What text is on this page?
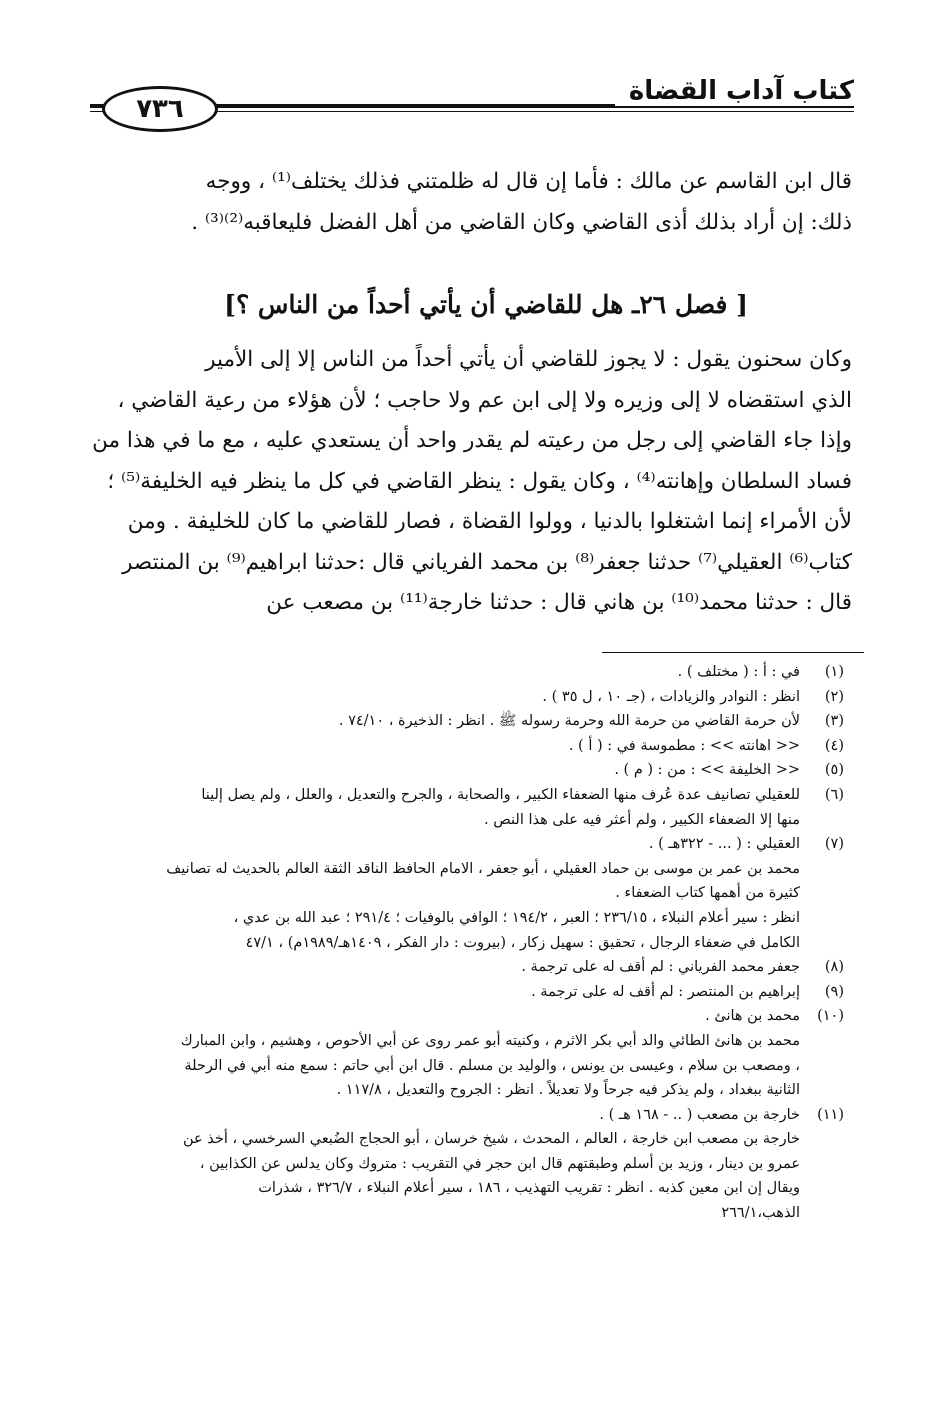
كتاب آداب القضاة
٧٣٦
قال ابن القاسم عن مالك : فأما إن قال له ظلمتني فذلك يختلف⁽¹⁾ ، ووجه
ذلك: إن أراد بذلك أذى القاضي وكان القاضي من أهل الفضل فليعاقبه⁽²⁾⁽³⁾ .
[ فصل ٢٦ـ هل للقاضي أن يأتي أحداً من الناس ؟]
وكان سحنون يقول : لا يجوز للقاضي أن يأتي أحداً من الناس إلا إلى الأمير
الذي استقضاه لا إلى وزيره ولا إلى ابن عم ولا حاجب ؛ لأن هؤلاء من رعية القاضي ،
وإذا جاء القاضي إلى رجل من رعيته لم يقدر واحد أن يستعدي عليه ، مع ما في هذا من
فساد السلطان وإهانته⁽⁴⁾ ، وكان يقول : ينظر القاضي في كل ما ينظر فيه الخليفة⁽⁵⁾ ؛
لأن الأمراء إنما اشتغلوا بالدنيا ، وولوا القضاة ، فصار للقاضي ما كان للخليفة . ومن
كتاب⁽⁶⁾ العقيلي⁽⁷⁾ حدثنا جعفر⁽⁸⁾ بن محمد الفرياني قال :حدثنا ابراهيم⁽⁹⁾ بن المنتصر
قال : حدثنا محمد⁽¹⁰⁾ بن هاني قال : حدثنا خارجة⁽¹¹⁾ بن مصعب عن
(١)
في : أ : ( مختلف ) .
(٢)
انظر : النوادر والزيادات ، (جـ ١٠ ، ل ٣٥ ) .
(٣)
لأن حرمة القاضي من حرمة الله وحرمة رسوله ﷺ . انظر : الذخيرة ، ٧٤/١٠ .
(٤)
<< اهانته >> : مطموسة في : ( أ ) .
(٥)
<< الخليفة >> : من : ( م ) .
(٦)
للعقيلي تصانيف عدة عُرف منها الضعفاء الكبير ، والصحابة ، والجرح والتعديل ، والعلل ، ولم يصل إلينا
منها إلا الضعفاء الكبير ، ولم أعثر فيه على هذا النص .
(٧)
العقيلي : ( ... - ٣٢٢هـ ) .
محمد بن عمر بن موسى بن حماد العقيلي ، أبو جعفر ، الامام الحافظ الناقد الثقة العالم بالحديث له تصانيف
كثيرة من أهمها كتاب الضعفاء .
انظر : سير أعلام النبلاء ، ٢٣٦/١٥ ؛ العبر ، ١٩٤/٢ ؛ الوافي بالوفيات ؛ ٢٩١/٤ ؛ عبد الله بن عدي ،
الكامل في ضعفاء الرجال ، تحقيق : سهيل زكار ، (بيروت : دار الفكر ، ١٤٠٩هـ/١٩٨٩م) ، ٤٧/١
(٨)
جعفر محمد الفرياني : لم أقف له على ترجمة .
(٩)
إبراهيم بن المنتصر : لم أقف له على ترجمة .
(١٠)
محمد بن هانئ .
محمد بن هانئ الطائي والد أبي بكر الاثرم ، وكنيته أبو عمر روى عن أبي الأحوص ، وهشيم ، وابن المبارك
، ومصعب بن سلام ، وعيسى بن يونس ، والوليد بن مسلم . قال ابن أبي حاتم : سمع منه أبي في الرحلة
الثانية ببغداد ، ولم يذكر فيه جرحاً ولا تعديلاً . انظر : الجروح والتعديل ، ١١٧/٨ .
(١١)
خارجة بن مصعب ( .. - ١٦٨ هـ ) .
خارجة بن مصعب ابن خارجة ، العالم ، المحدث ، شيخ خرسان ، أبو الحجاج الضُبعي السرخسي ، أخذ عن
عمرو بن دينار ، وزيد بن أسلم وطبقتهم قال ابن حجر في التقريب : متروك وكان يدلس عن الكذابين ،
ويقال إن ابن معين كذبه . انظر : تقريب التهذيب ، ١٨٦ ، سير أعلام النبلاء ، ٣٢٦/٧ ، شذرات
الذهب،٢٦٦/١
